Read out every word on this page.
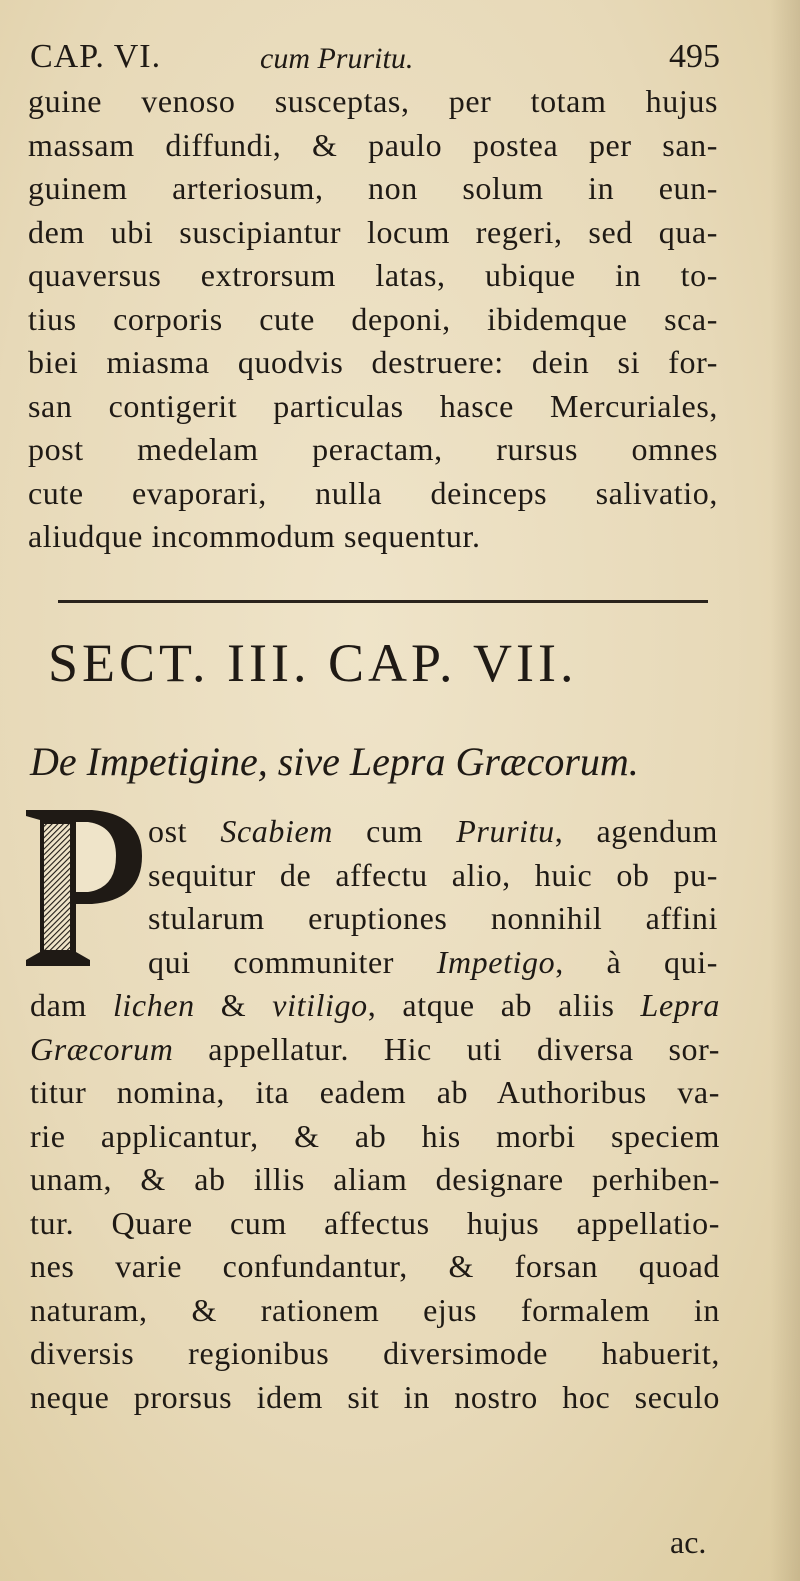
CAP. VI.	cum Pruritu.	495
guine venoso susceptas, per totam hujus
massam diffundi, & paulo postea per san-
guinem arteriosum, non solum in eun-
dem ubi suscipiantur locum regeri, sed qua-
quaversus extrorsum latas, ubique in to-
tius corporis cute deponi, ibidemque sca-
biei miasma quodvis destruere: dein si for-
san contigerit particulas hasce Mercuriales,
post medelam peractam, rursus omnes
cute evaporari, nulla deinceps salivatio,
aliudque incommodum sequentur.
SECT. III. CAP. VII.
De Impetigine, sive Lepra Græcorum.
ost Scabiem cum Pruritu, agendum
sequitur de affectu alio, huic ob pu-
stularum eruptiones nonnihil affini
qui communiter Impetigo, à qui-
dam lichen & vitiligo, atque ab aliis Lepra
Græcorum appellatur. Hic uti diversa sor-
titur nomina, ita eadem ab Authoribus va-
rie applicantur, & ab his morbi speciem
unam, & ab illis aliam designare perhiben-
tur. Quare cum affectus hujus appellatio-
nes varie confundantur, & forsan quoad
naturam, & rationem ejus formalem in
diversis regionibus diversimode habuerit,
neque prorsus idem sit in nostro hoc seculo
ac.
